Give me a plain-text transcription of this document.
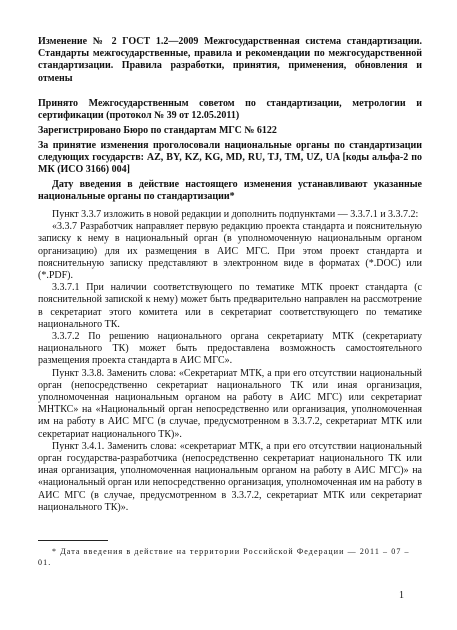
Изменение № 2 ГОСТ 1.2—2009 Межгосударственная система стандартизации. Стандарты межгосударственные, правила и рекомендации по межгосударственной стандартизации. Правила разработки, принятия, применения, обновления и отмены

Принято Межгосударственным советом по стандартизации, метрологии и сертификации (протокол № 39 от 12.05.2011)

Зарегистрировано Бюро по стандартам МГС № 6122

За принятие изменения проголосовали национальные органы по стандартизации следующих государств: AZ, BY, KZ, KG, MD, RU, TJ, TM, UZ, UA [коды альфа-2 по МК (ИСО 3166) 004]

Дату введения в действие настоящего изменения устанавливают указанные национальные органы по стандартизации*

Пункт 3.3.7 изложить в новой редакции и дополнить подпунктами — 3.3.7.1 и 3.3.7.2:

«3.3.7 Разработчик направляет первую редакцию проекта стандарта и пояснительную записку к нему в национальный орган (в уполномоченную национальным органом организацию) для их размещения в АИС МГС. При этом проект стандарта и пояснительную записку представляют в электронном виде в форматах (*.DOC) или (*.PDF).

3.3.7.1 При наличии соответствующего по тематике МТК проект стандарта (с пояснительной запиской к нему) может быть предварительно направлен на рассмотрение в секретариат этого комитета или в секретариат соответствующего по тематике национального ТК.

3.3.7.2 По решению национального органа секретариату МТК (секретариату национального ТК) может быть предоставлена возможность самостоятельного размещения проекта стандарта в АИС МГС».

Пункт 3.3.8. Заменить слова: «Секретариат МТК, а при его отсутствии национальный орган (непосредственно секретариат национального ТК или иная организация, уполномоченная национальным органом на работу в АИС МГС) или секретариат МНТКС» на «Национальный орган непосредственно или организация, уполномоченная им на работу в АИС МГС (в случае, предусмотренном в 3.3.7.2, секретариат МТК или секретариат национального ТК)».

Пункт 3.4.1. Заменить слова: «секретариат МТК, а при его отсутствии национальный орган государства-разработчика (непосредственно секретариат национального ТК или иная организация, уполномоченная национальным органом на работу в АИС МГС)» на «национальный орган или непосредственно организация, уполномоченная им на работу в АИС МГС (в случае, предусмотренном в 3.3.7.2, секретариат МТК или секретариат национального ТК)».

* Дата введения в действие на территории Российской Федерации — 2011 – 07 – 01.

1
